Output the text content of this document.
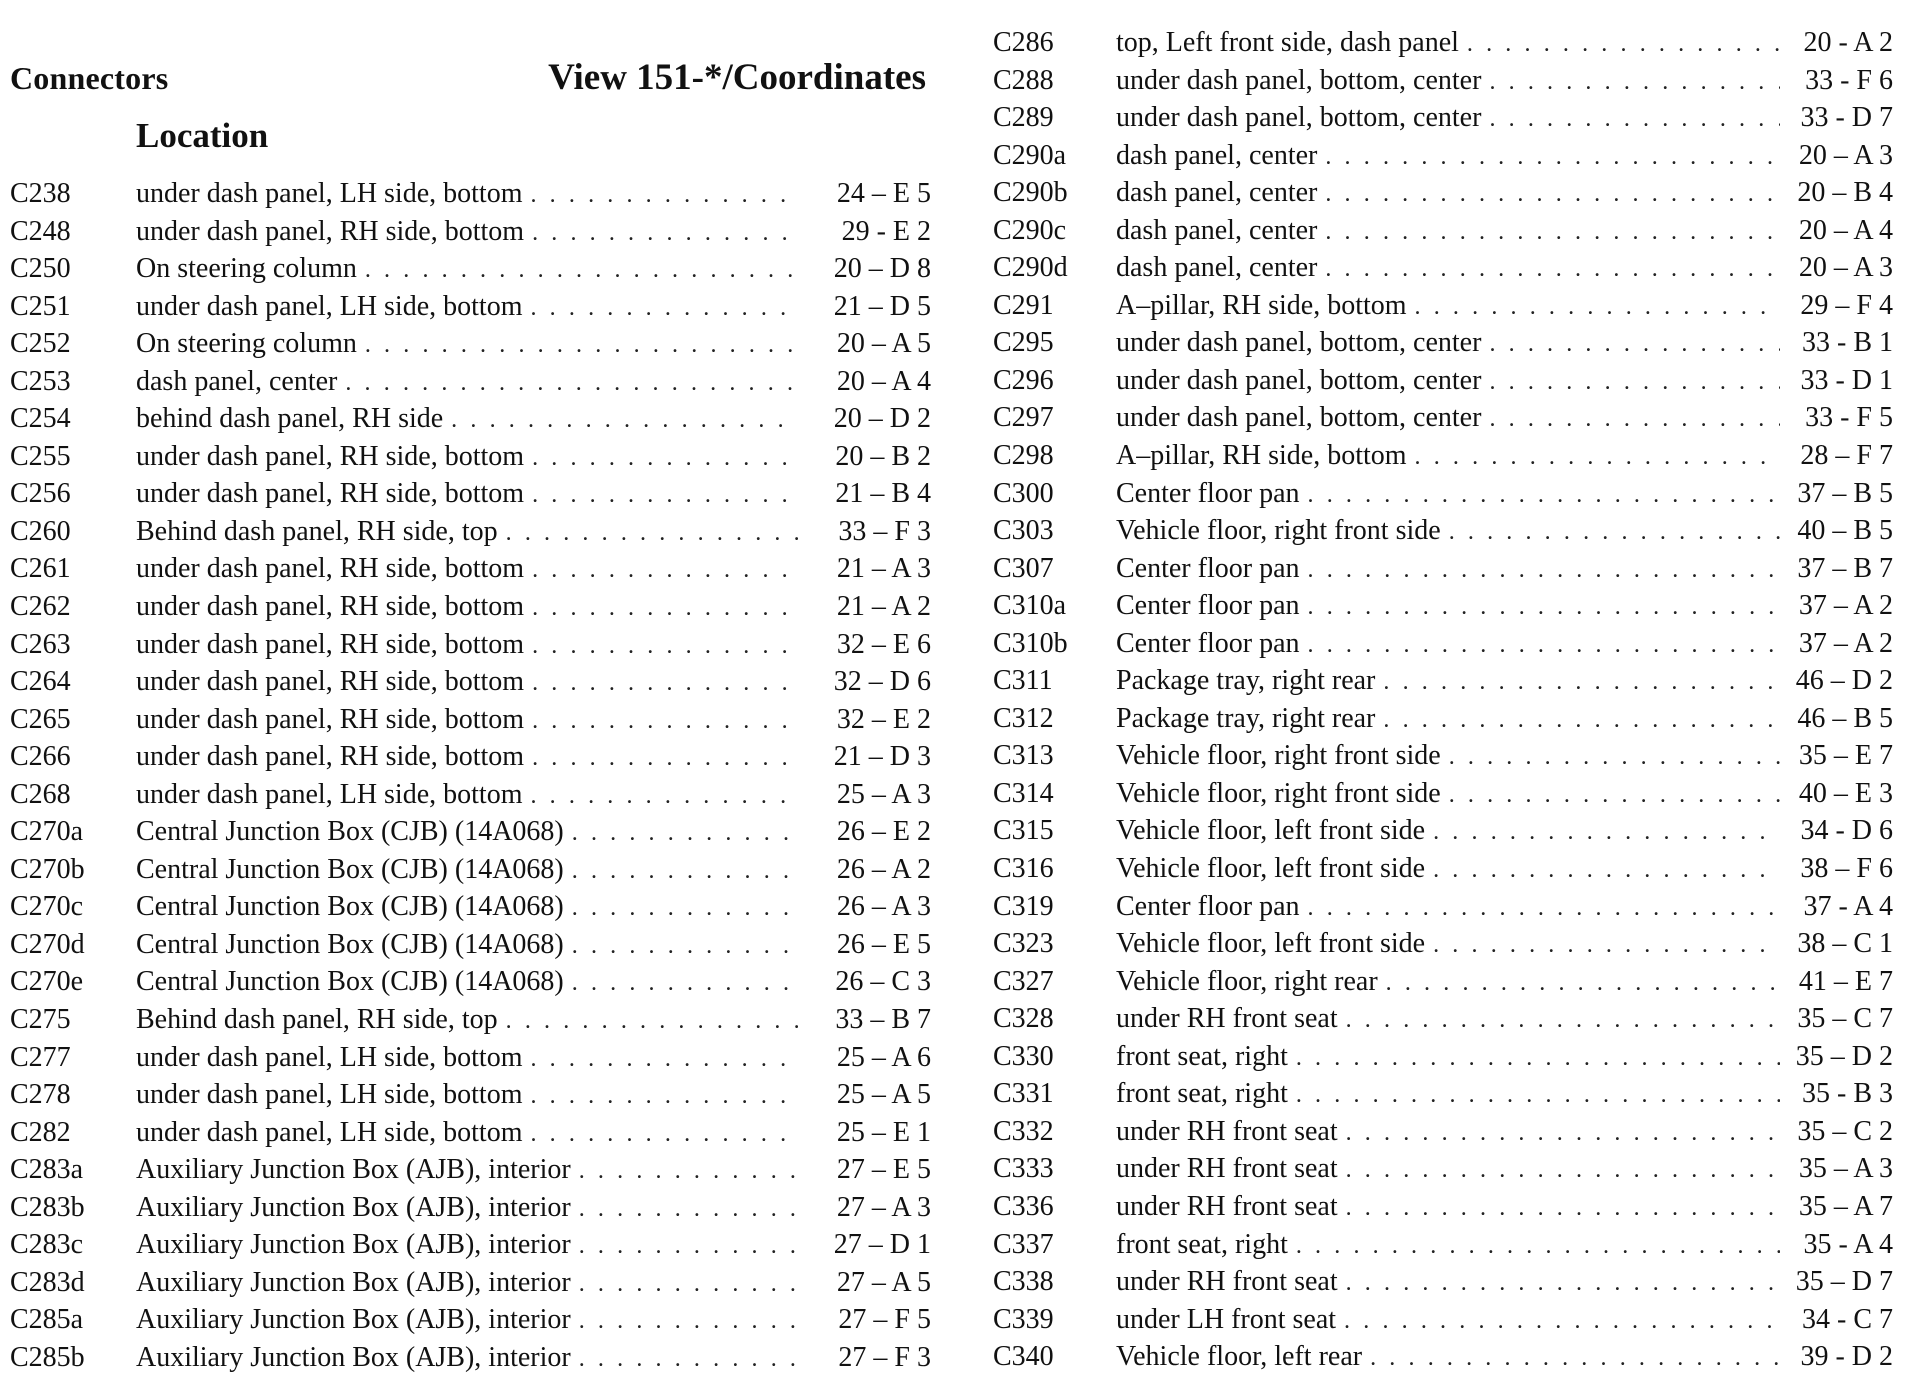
Connectors	View 151-*/Coordinates
Location
C238 under dash panel, LH side, bottom . . .	24 – E 5
C248 under dash panel, RH side, bottom . . .	29 - E 2
C250 On steering column . . .	20 – D 8
C251 under dash panel, LH side, bottom . . .	21 – D 5
C252 On steering column . . .	20 – A 5
C253 dash panel, center . . .	20 – A 4
C254 behind dash panel, RH side . . .	20 – D 2
C255 under dash panel, RH side, bottom . . .	20 – B 2
C256 under dash panel, RH side, bottom . . .	21 – B 4
C260 Behind dash panel, RH side, top . . .	33 – F 3
C261 under dash panel, RH side, bottom . . .	21 – A 3
C262 under dash panel, RH side, bottom . . .	21 – A 2
C263 under dash panel, RH side, bottom . . .	32 – E 6
C264 under dash panel, RH side, bottom . . .	32 – D 6
C265 under dash panel, RH side, bottom . . .	32 – E 2
C266 under dash panel, RH side, bottom . . .	21 – D 3
C268 under dash panel, LH side, bottom . . .	25 – A 3
C270a Central Junction Box (CJB) (14A068) . . .	26 – E 2
C270b Central Junction Box (CJB) (14A068) . . .	26 – A 2
C270c Central Junction Box (CJB) (14A068) . . .	26 – A 3
C270d Central Junction Box (CJB) (14A068) . . .	26 – E 5
C270e Central Junction Box (CJB) (14A068) . . .	26 – C 3
C275 Behind dash panel, RH side, top . . .	33 – B 7
C277 under dash panel, LH side, bottom . . .	25 – A 6
C278 under dash panel, LH side, bottom . . .	25 – A 5
C282 under dash panel, LH side, bottom . . .	25 – E 1
C283a Auxiliary Junction Box (AJB), interior . . .	27 – E 5
C283b Auxiliary Junction Box (AJB), interior . . .	27 – A 3
C283c Auxiliary Junction Box (AJB), interior . . .	27 – D 1
C283d Auxiliary Junction Box (AJB), interior . . .	27 – A 5
C285a Auxiliary Junction Box (AJB), interior . . .	27 – F 5
C285b Auxiliary Junction Box (AJB), interior . . .	27 – F 3
C286 top, Left front side, dash panel . . .	20 - A 2
C288 under dash panel, bottom, center . . .	33 - F 6
C289 under dash panel, bottom, center . . .	33 - D 7
C290a dash panel, center . . .	20 – A 3
C290b dash panel, center . . .	20 – B 4
C290c dash panel, center . . .	20 – A 4
C290d dash panel, center . . .	20 – A 3
C291 A–pillar, RH side, bottom . . .	29 – F 4
C295 under dash panel, bottom, center . . .	33 - B 1
C296 under dash panel, bottom, center . . .	33 - D 1
C297 under dash panel, bottom, center . . .	33 - F 5
C298 A–pillar, RH side, bottom . . .	28 – F 7
C300 Center floor pan . . .	37 – B 5
C303 Vehicle floor, right front side . . .	40 – B 5
C307 Center floor pan . . .	37 – B 7
C310a Center floor pan . . .	37 – A 2
C310b Center floor pan . . .	37 – A 2
C311 Package tray, right rear . . .	46 – D 2
C312 Package tray, right rear . . .	46 – B 5
C313 Vehicle floor, right front side . . .	35 – E 7
C314 Vehicle floor, right front side . . .	40 – E 3
C315 Vehicle floor, left front side . . .	34 - D 6
C316 Vehicle floor, left front side . . .	38 – F 6
C319 Center floor pan . . .	37 - A 4
C323 Vehicle floor, left front side . . .	38 – C 1
C327 Vehicle floor, right rear . . .	41 – E 7
C328 under RH front seat . . .	35 – C 7
C330 front seat, right . . .	35 – D 2
C331 front seat, right . . .	35 - B 3
C332 under RH front seat . . .	35 – C 2
C333 under RH front seat . . .	35 – A 3
C336 under RH front seat . . .	35 – A 7
C337 front seat, right . . .	35 - A 4
C338 under RH front seat . . .	35 – D 7
C339 under LH front seat . . .	34 - C 7
C340 Vehicle floor, left rear . . .	39 - D 2
